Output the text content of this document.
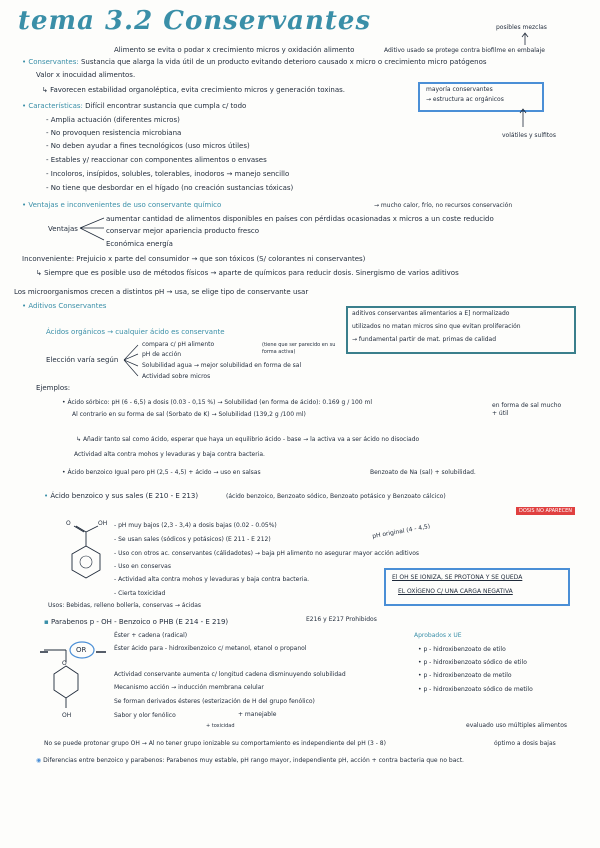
tema 3.2 Conservantes	posibles mezclas
Alimento se evita o podar x crecimiento micros y oxidación alimento	Aditivo usado se protege contra biofilme en embalaje
• Conservantes: Sustancia que alarga la vida útil de un producto evitando deterioro causado x micro o crecimiento micro patógenos
Valor x inocuidad alimentos.
↳ Favorecen estabilidad organoléptica, evita crecimiento micros y generación toxinas.	mayoría conservantes
→ estructura ac orgánicos
• Características: Difícil encontrar sustancia que cumpla c/ todo
- Amplia actuación (diferentes micros)
- No provoquen resistencia microbiana
- No deben ayudar a fines tecnológicos (uso micros útiles)
- Estables y/ reaccionar con componentes alimentos o envases
- Incoloros, insípidos, solubles, tolerables, inodoros → manejo sencillo
- No tiene que desbordar en el hígado (no creación sustancias tóxicas)
volátiles y sulfitos
• Ventajas e inconvenientes de uso conservante químico	→ mucho calor, frío, no recursos conservación
Ventajas
aumentar cantidad de alimentos disponibles en países con pérdidas ocasionadas x micros a un coste reducido
conservar mejor apariencia producto fresco
Económica energía
Inconveniente: Prejuicio x parte del consumidor → que son tóxicos (S/ colorantes ni conservantes)
↳ Siempre que es posible uso de métodos físicos → aparte de químicos para reducir dosis. Sinergismo de varios aditivos
Los microorganismos crecen a distintos pH → usa, se elige tipo de conservante usar
• Aditivos Conservantes
aditivos conservantes alimentarios a E] normalizado
utilizados no matan micros sino que evitan proliferación
→ fundamental partir de mat. primas de calidad
Ácidos orgánicos → cualquier ácido es conservante
Elección varía según
compara c/ pH alimento
pH de acción
Solubilidad agua → mejor solubilidad en forma de sal
Actividad sobre micros
(tiene que ser parecido en su forma activa)
Ejemplos:
• Ácido sórbico: pH (6 - 6,5) a dosis (0.03 - 0,15 %) → Solubilidad (en forma de ácido): 0.169 g / 100 ml
Al contrario en su forma de sal (Sorbato de K) → Solubilidad (139,2 g /100 ml)
en forma de sal mucho + útil
↳ Añadir tanto sal como ácido, esperar que haya un equilibrio ácido - base → la activa va a ser ácido no disociado
Actividad alta contra mohos y levaduras y baja contra bacteria.
• Ácido benzoico Igual pero pH (2,5 - 4,5) + ácido → uso en salsas	Benzoato de Na (sal) + solubilidad.
• Ácido benzoico y sus sales (E 210 - E 213)	(ácido benzoico, Benzoato sódico, Benzoato potásico y Benzoato cálcico)
DOSIS NO APARECEN
OH
O	- pH muy bajos (2,3 - 3,4) a dosis bajas (0.02 - 0.05%)
- Se usan sales (sódicos y potásicos) (E 211 - E 212)
- Uso con otros ac. conservantes (cálidadotes) → baja pH alimento no asegurar mayor acción aditivos
- Uso en conservas
- Actividad alta contra mohos y levaduras y baja contra bacteria.
- Cierta toxicidad
pH original (4 - 4,5)
El OH SE IONIZA, SE PROTONA Y SE QUEDA
EL OXÍGENO C/ UNA CARGA NEGATIVA
Usos: Bebidas, relleno bollería, conservas → ácidas
▪ Parabenos p - OH - Benzoico o PHB (E 214 - E 219)	E216 y E217 Prohibidos
Éster + cadena (radical)
Éster ácido para - hidroxibenzoico c/ metanol, etanol o propanol
OR
O
OH
Aprobados x UE
• p - hidroxibenzoato de etilo
• p - hidroxibenzoato sódico de etilo
• p - hidroxibenzoato de metilo
• p - hidroxibenzoato sódico de metilo
Actividad conservante aumenta c/ longitud cadena disminuyendo solubilidad
Mecanismo acción → inducción membrana celular
Se forman derivados ésteres (esterización de H del grupo fenólico)
Sabor y olor fenólico
+ toxicidad
+ manejable
evaluado uso múltiples alimentos
No se puede protonar grupo OH → Al no tener grupo ionizable su comportamiento es independiente del pH (3 - 8)	óptimo a dosis bajas
◉ Diferencias entre benzoico y parabenos: Parabenos muy estable, pH rango mayor, independiente pH, acción + contra bacteria que no bact.
